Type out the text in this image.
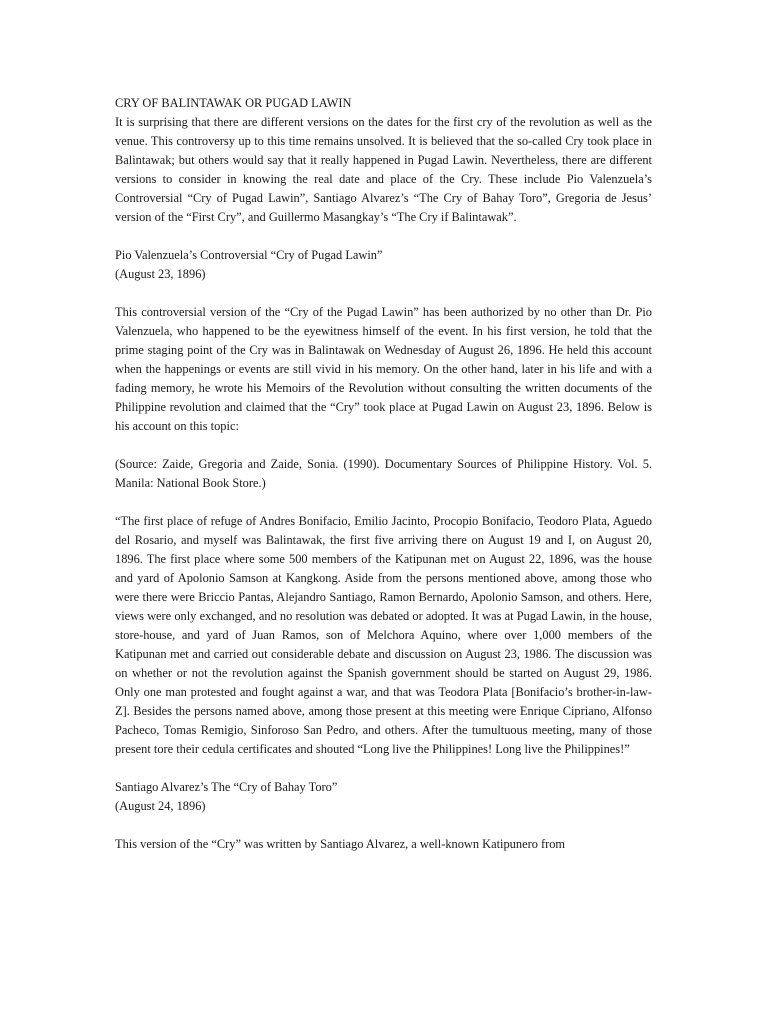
CRY OF BALINTAWAK OR PUGAD LAWIN
It is surprising that there are different versions on the dates for the first cry of the revolution as well as the venue. This controversy up to this time remains unsolved. It is believed that the so-called Cry took place in Balintawak; but others would say that it really happened in Pugad Lawin. Nevertheless, there are different versions to consider in knowing the real date and place of the Cry. These include Pio Valenzuela’s Controversial “Cry of Pugad Lawin”, Santiago Alvarez’s “The Cry of Bahay Toro”, Gregoria de Jesus’ version of the “First Cry”, and Guillermo Masangkay’s “The Cry if Balintawak”.

Pio Valenzuela’s Controversial “Cry of Pugad Lawin”
(August 23, 1896)

This controversial version of the “Cry of the Pugad Lawin” has been authorized by no other than Dr. Pio Valenzuela, who happened to be the eyewitness himself of the event. In his first version, he told that the prime staging point of the Cry was in Balintawak on Wednesday of August 26, 1896. He held this account when the happenings or events are still vivid in his memory. On the other hand, later in his life and with a fading memory, he wrote his Memoirs of the Revolution without consulting the written documents of the Philippine revolution and claimed that the “Cry” took place at Pugad Lawin on August 23, 1896. Below is his account on this topic:

(Source: Zaide, Gregoria and Zaide, Sonia. (1990). Documentary Sources of Philippine History. Vol. 5. Manila: National Book Store.)

“The first place of refuge of Andres Bonifacio, Emilio Jacinto, Procopio Bonifacio, Teodoro Plata, Aguedo del Rosario, and myself was Balintawak, the first five arriving there on August 19 and I, on August 20, 1896. The first place where some 500 members of the Katipunan met on August 22, 1896, was the house and yard of Apolonio Samson at Kangkong. Aside from the persons mentioned above, among those who were there were Briccio Pantas, Alejandro Santiago, Ramon Bernardo, Apolonio Samson, and others. Here, views were only exchanged, and no resolution was debated or adopted. It was at Pugad Lawin, in the house, store-house, and yard of Juan Ramos, son of Melchora Aquino, where over 1,000 members of the Katipunan met and carried out considerable debate and discussion on August 23, 1986. The discussion was on whether or not the revolution against the Spanish government should be started on August 29, 1986. Only one man protested and fought against a war, and that was Teodora Plata [Bonifacio’s brother-in-law-Z]. Besides the persons named above, among those present at this meeting were Enrique Cipriano, Alfonso Pacheco, Tomas Remigio, Sinforoso San Pedro, and others. After the tumultuous meeting, many of those present tore their cedula certificates and shouted “Long live the Philippines! Long live the Philippines!”

Santiago Alvarez’s The “Cry of Bahay Toro”
(August 24, 1896)

This version of the “Cry” was written by Santiago Alvarez, a well-known Katipunero from
